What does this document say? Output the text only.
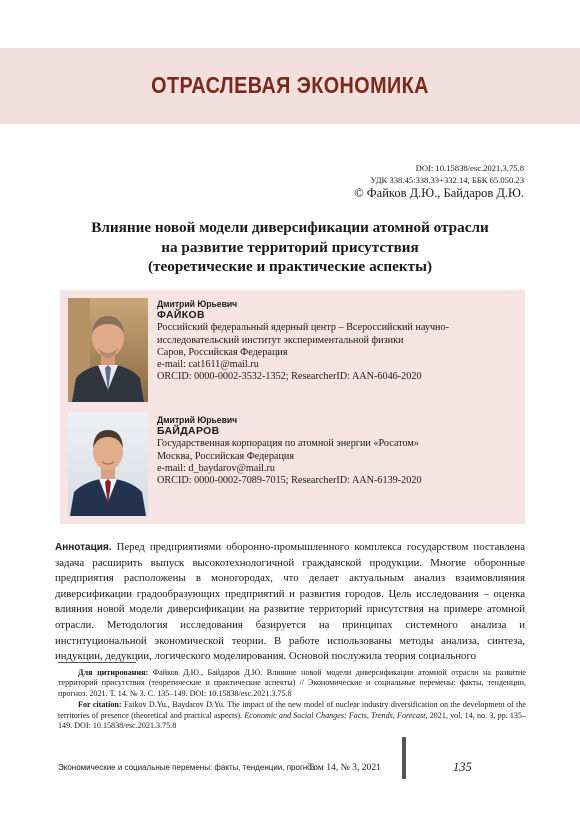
ОТРАСЛЕВАЯ ЭКОНОМИКА
DOI: 10.15838/esc.2021.3.75.8
УДК 338.45:338.33+332.14, ББК 65.050.23
© Файков Д.Ю., Байдаров Д.Ю.
Влияние новой модели диверсификации атомной отрасли
на развитие территорий присутствия
(теоретические и практические аспекты)
Дмитрий Юрьевич
ФАЙКОВ
Российский федеральный ядерный центр – Всероссийский научно-
исследовательский институт экспериментальной физики
Саров, Российская Федерация
e-mail: cat1611@mail.ru
ORCID: 0000-0002-3532-1352; ResearcherID: AAN-6046-2020
Дмитрий Юрьевич
БАЙДАРОВ
Государственная корпорация по атомной энергии «Росатом»
Москва, Российская Федерация
e-mail: d_baydarov@mail.ru
ORCID: 0000-0002-7089-7015; ResearcherID: AAN-6139-2020
Аннотация. Перед предприятиями оборонно-промышленного комплекса государством поставлена задача расширить выпуск высокотехнологичной гражданской продукции. Многие оборонные предприятия расположены в моногородах, что делает актуальным анализ взаимовлияния диверсификации градообразующих предприятий и развития городов. Цель исследования – оценка влияния новой модели диверсификации на развитие территорий присутствия на примере атомной отрасли. Методология исследования базируется на принципах системного анализа и институциональной экономической теории. В работе использованы методы анализа, синтеза, индукции, дедукции, логического моделирования. Основой послужила теория социального

Для цитирования: Файков Д.Ю., Байдаров Д.Ю. Влияние новой модели диверсификации атомной отрасли на развитие территорий присутствия (теоретические и практические аспекты) // Экономические и социальные перемены: факты, тенденции, прогноз. 2021. Т. 14. № 3. С. 135–149. DOI: 10.15838/esc.2021.3.75.8

For citation: Faikov D.Yu., Baydarov D.Yu. The impact of the new model of nuclear industry diversification on the development of the territories of presence (theoretical and practical aspects). Economic and Social Changes: Facts, Trends, Forecast, 2021, vol. 14, no. 3, pp. 135–149. DOI: 10.15838/esc.2021.3.75.8

Экономические и социальные перемены: факты, тенденции, прогноз
Том 14, № 3, 2021	135
